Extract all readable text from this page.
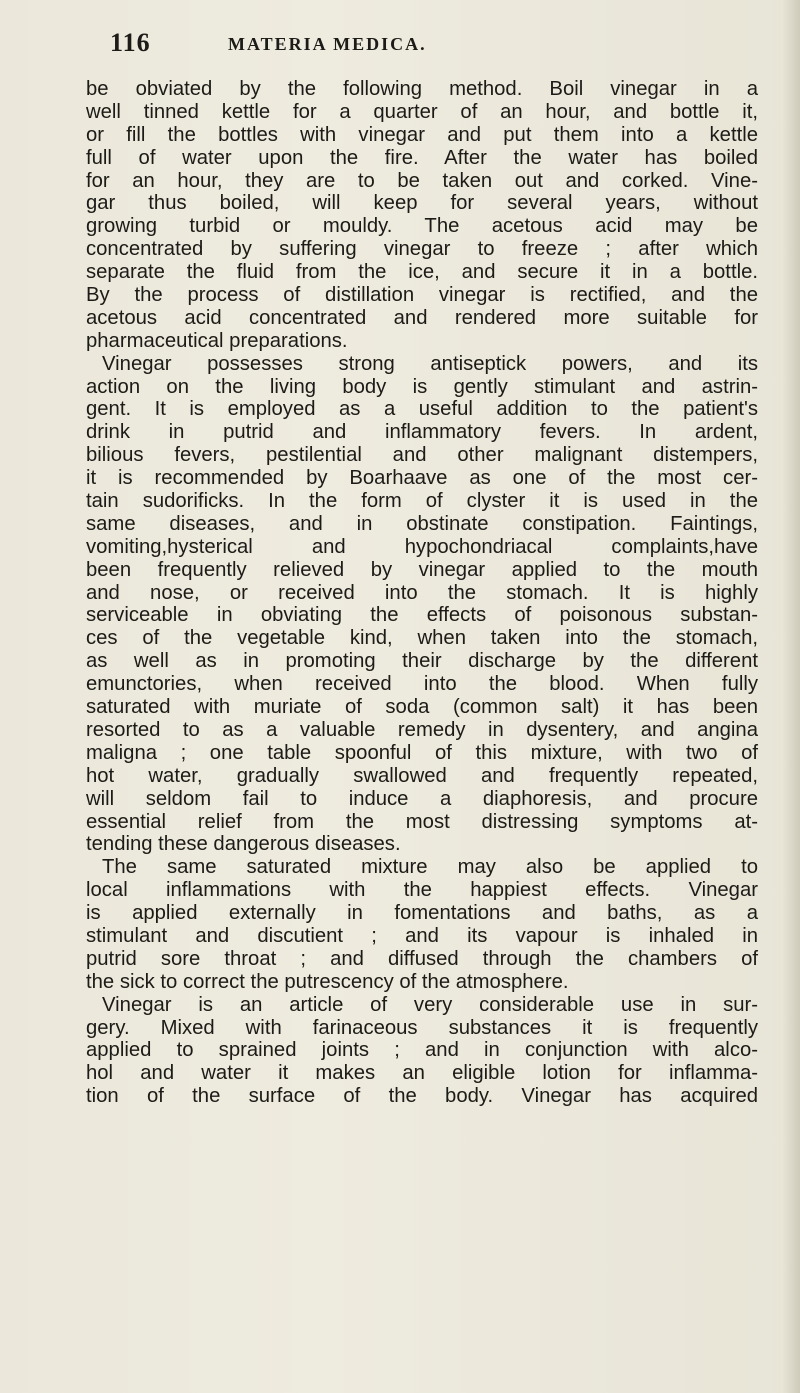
116	MATERIA MEDICA.
be obviated by the following method. Boil vinegar in a
well tinned kettle for a quarter of an hour, and bottle it,
or fill the bottles with vinegar and put them into a kettle
full of water upon the fire. After the water has boiled
for an hour, they are to be taken out and corked. Vine-
gar thus boiled, will keep for several years, without
growing turbid or mouldy. The acetous acid may be
concentrated by suffering vinegar to freeze ; after which
separate the fluid from the ice, and secure it in a bottle.
By the process of distillation vinegar is rectified, and the
acetous acid concentrated and rendered more suitable for
pharmaceutical preparations.
Vinegar possesses strong antiseptick powers, and its
action on the living body is gently stimulant and astrin-
gent. It is employed as a useful addition to the patient's
drink in putrid and inflammatory fevers. In ardent,
bilious fevers, pestilential and other malignant distempers,
it is recommended by Boarhaave as one of the most cer-
tain sudorificks. In the form of clyster it is used in the
same diseases, and in obstinate constipation. Faintings,
vomiting,hysterical and hypochondriacal complaints,have
been frequently relieved by vinegar applied to the mouth
and nose, or received into the stomach. It is highly
serviceable in obviating the effects of poisonous substan-
ces of the vegetable kind, when taken into the stomach,
as well as in promoting their discharge by the different
emunctories, when received into the blood. When fully
saturated with muriate of soda (common salt) it has been
resorted to as a valuable remedy in dysentery, and angina
maligna ; one table spoonful of this mixture, with two of
hot water, gradually swallowed and frequently repeated,
will seldom fail to induce a diaphoresis, and procure
essential relief from the most distressing symptoms at-
tending these dangerous diseases.
The same saturated mixture may also be applied to
local inflammations with the happiest effects. Vinegar
is applied externally in fomentations and baths, as a
stimulant and discutient ; and its vapour is inhaled in
putrid sore throat ; and diffused through the chambers of
the sick to correct the putrescency of the atmosphere.
Vinegar is an article of very considerable use in sur-
gery. Mixed with farinaceous substances it is frequently
applied to sprained joints ; and in conjunction with alco-
hol and water it makes an eligible lotion for inflamma-
tion of the surface of the body. Vinegar has acquired
